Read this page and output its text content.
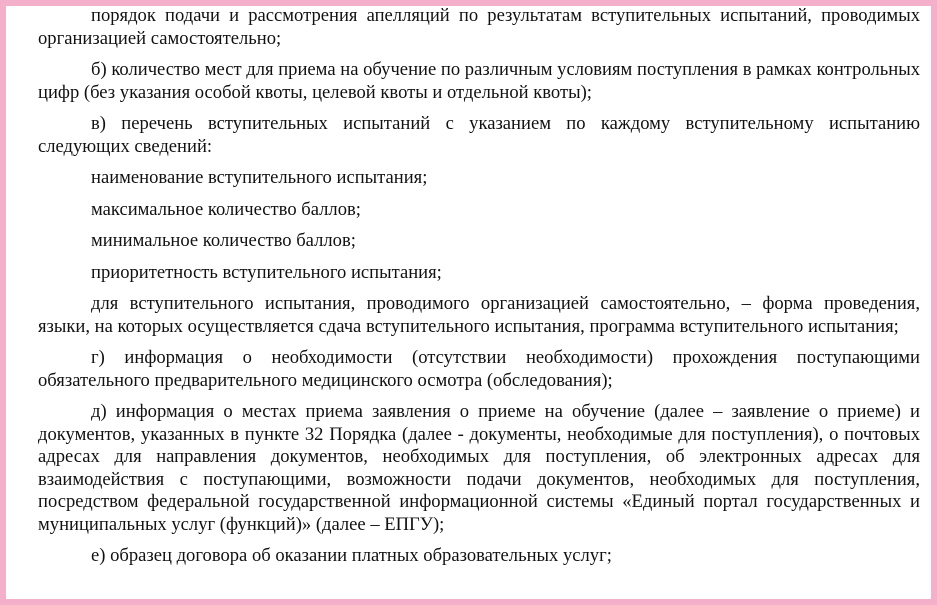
порядок подачи и рассмотрения апелляций по результатам вступительных испытаний, проводимых организацией самостоятельно;

б) количество мест для приема на обучение по различным условиям поступления в рамках контрольных цифр (без указания особой квоты, целевой квоты и отдельной квоты);

в) перечень вступительных испытаний с указанием по каждому вступительному испытанию следующих сведений:

наименование вступительного испытания;

максимальное количество баллов;

минимальное количество баллов;

приоритетность вступительного испытания;

для вступительного испытания, проводимого организацией самостоятельно, – форма проведения, языки, на которых осуществляется сдача вступительного испытания, программа вступительного испытания;

г) информация о необходимости (отсутствии необходимости) прохождения поступающими обязательного предварительного медицинского осмотра (обследования);

д) информация о местах приема заявления о приеме на обучение (далее – заявление о приеме) и документов, указанных в пункте 32 Порядка (далее - документы, необходимые для поступления), о почтовых адресах для направления документов, необходимых для поступления, об электронных адресах для взаимодействия с поступающими, возможности подачи документов, необходимых для поступления, посредством федеральной государственной информационной системы «Единый портал государственных и муниципальных услуг (функций)» (далее – ЕПГУ);

е) образец договора об оказании платных образовательных услуг;
